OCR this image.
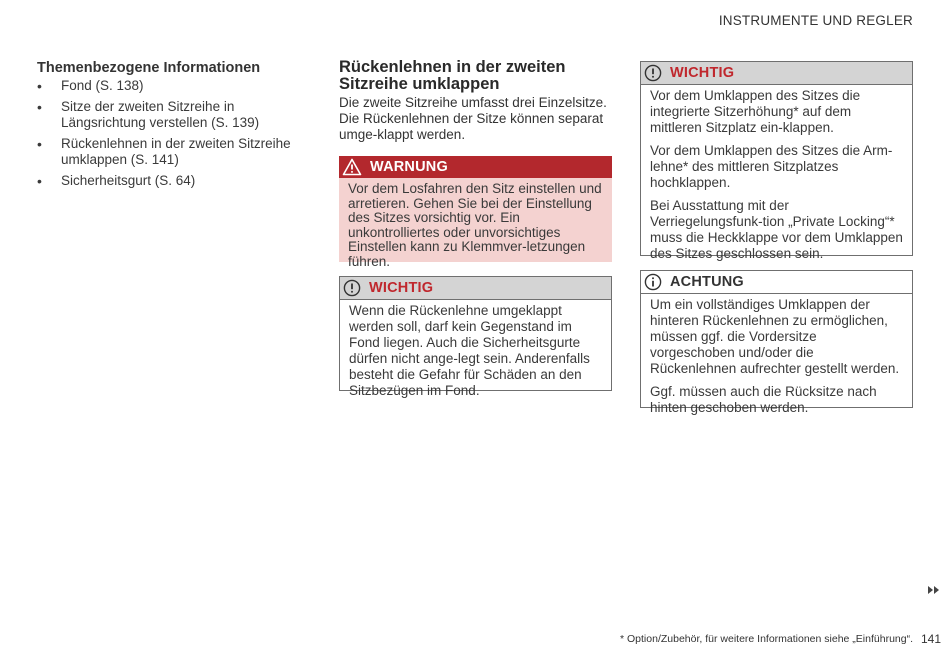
INSTRUMENTE UND REGLER
Themenbezogene Informationen
• Fond (S. 138)
• Sitze der zweiten Sitzreihe in Längsrichtung verstellen (S. 139)
• Rückenlehnen in der zweiten Sitzreihe umklappen (S. 141)
• Sicherheitsgurt (S. 64)
Rückenlehnen in der zweiten Sitzreihe umklappen

Die zweite Sitzreihe umfasst drei Einzelsitze. Die Rückenlehnen der Sitze können separat umge-klappt werden.

WARNUNG
Vor dem Losfahren den Sitz einstellen und arretieren. Gehen Sie bei der Einstellung des Sitzes vorsichtig vor. Ein unkontrolliertes oder unvorsichtiges Einstellen kann zu Klemmver-letzungen führen.
WICHTIG
Wenn die Rückenlehne umgeklappt werden soll, darf kein Gegenstand im Fond liegen. Auch die Sicherheitsgurte dürfen nicht ange-legt sein. Anderenfalls besteht die Gefahr für Schäden an den Sitzbezügen im Fond.
WICHTIG

Vor dem Umklappen des Sitzes die integrierte Sitzerhöhung* auf dem mittleren Sitzplatz ein-klappen.

Vor dem Umklappen des Sitzes die Arm-lehne* des mittleren Sitzplatzes hochklappen.

Bei Ausstattung mit der Verriegelungsfunk-tion „Private Locking“* muss die Heckklappe vor dem Umklappen des Sitzes geschlossen sein.

ACHTUNG

Um ein vollständiges Umklappen der hinteren Rückenlehnen zu ermöglichen, müssen ggf. die Vordersitze vorgeschoben und/oder die Rückenlehnen aufrechter gestellt werden.

Ggf. müssen auch die Rücksitze nach hinten geschoben werden.

* Option/Zubehör, für weitere Informationen siehe „Einführung“. 141
